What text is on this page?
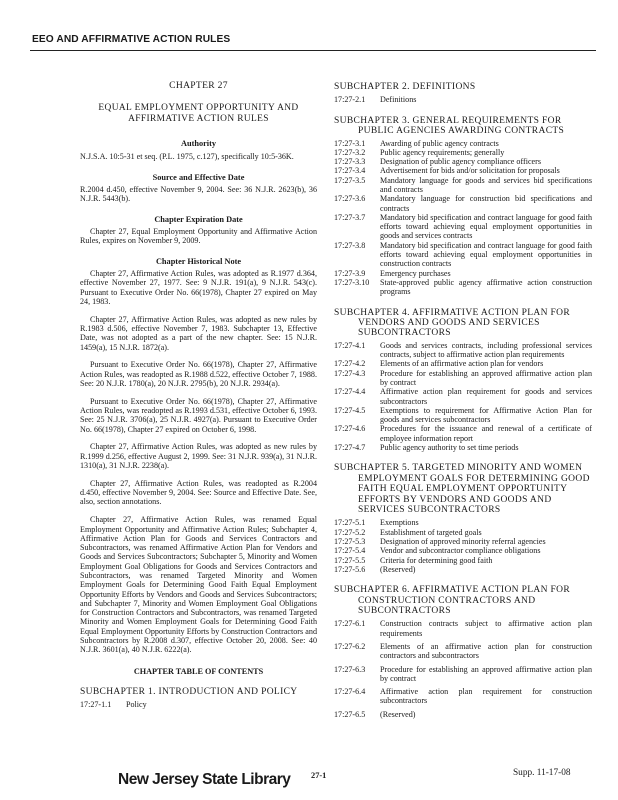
EEO AND AFFIRMATIVE ACTION RULES
CHAPTER 27
EQUAL EMPLOYMENT OPPORTUNITY AND AFFIRMATIVE ACTION RULES
Authority
N.J.S.A. 10:5-31 et seq. (P.L. 1975, c.127), specifically 10:5-36K.
Source and Effective Date
R.2004 d.450, effective November 9, 2004. See: 36 N.J.R. 2623(b), 36 N.J.R. 5443(b).
Chapter Expiration Date
Chapter 27, Equal Employment Opportunity and Affirmative Action Rules, expires on November 9, 2009.
Chapter Historical Note
Chapter 27, Affirmative Action Rules, was adopted as R.1977 d.364, effective November 27, 1977. See: 9 N.J.R. 191(a), 9 N.J.R. 543(c). Pursuant to Executive Order No. 66(1978), Chapter 27 expired on May 24, 1983.
Chapter 27, Affirmative Action Rules, was adopted as new rules by R.1983 d.506, effective November 7, 1983. Subchapter 13, Effective Date, was not adopted as a part of the new chapter. See: 15 N.J.R. 1459(a), 15 N.J.R. 1872(a).
Pursuant to Executive Order No. 66(1978), Chapter 27, Affirmative Action Rules, was readopted as R.1988 d.522, effective October 7, 1988. See: 20 N.J.R. 1780(a), 20 N.J.R. 2795(b), 20 N.J.R. 2934(a).
Pursuant to Executive Order No. 66(1978), Chapter 27, Affirmative Action Rules, was readopted as R.1993 d.531, effective October 6, 1993. See: 25 N.J.R. 3706(a), 25 N.J.R. 4927(a). Pursuant to Executive Order No. 66(1978), Chapter 27 expired on October 6, 1998.
Chapter 27, Affirmative Action Rules, was adopted as new rules by R.1999 d.256, effective August 2, 1999. See: 31 N.J.R. 939(a), 31 N.J.R. 1310(a), 31 N.J.R. 2238(a).
Chapter 27, Affirmative Action Rules, was readopted as R.2004 d.450, effective November 9, 2004. See: Source and Effective Date. See, also, section annotations.
Chapter 27, Affirmative Action Rules, was renamed Equal Employment Opportunity and Affirmative Action Rules; Subchapter 4, Affirmative Action Plan for Goods and Services Contractors and Subcontractors, was renamed Affirmative Action Plan for Vendors and Goods and Services Subcontractors; Subchapter 5, Minority and Women Employment Goal Obligations for Goods and Services Contractors and Subcontractors, was renamed Targeted Minority and Women Employment Goals for Determining Good Faith Equal Employment Opportunity Efforts by Vendors and Goods and Services Subcontractors; and Subchapter 7, Minority and Women Employment Goal Obligations for Construction Contractors and Subcontractors, was renamed Targeted Minority and Women Employment Goals for Determining Good Faith Equal Employment Opportunity Efforts by Construction Contractors and Subcontractors by R.2008 d.307, effective October 20, 2008. See: 40 N.J.R. 3601(a), 40 N.J.R. 6222(a).
CHAPTER TABLE OF CONTENTS
SUBCHAPTER 1. INTRODUCTION AND POLICY
17:27-1.1	Policy
SUBCHAPTER 2. DEFINITIONS
17:27-2.1	Definitions
SUBCHAPTER 3. GENERAL REQUIREMENTS FOR
PUBLIC AGENCIES AWARDING CONTRACTS
17:27-3.1	Awarding of public agency contracts
17:27-3.2	Public agency requirements; generally
17:27-3.3	Designation of public agency compliance officers
17:27-3.4	Advertisement for bids and/or solicitation for proposals
17:27-3.5	Mandatory language for goods and services bid specifications and contracts
17:27-3.6	Mandatory language for construction bid specifications and contracts
17:27-3.7	Mandatory bid specification and contract language for good faith efforts toward achieving equal employment opportunities in goods and services contracts
17:27-3.8	Mandatory bid specification and contract language for good faith efforts toward achieving equal employment opportunities in construction contracts
17:27-3.9	Emergency purchases
17:27-3.10	State-approved public agency affirmative action construction programs
SUBCHAPTER 4. AFFIRMATIVE ACTION PLAN FOR
VENDORS AND GOODS AND SERVICES
SUBCONTRACTORS
17:27-4.1	Goods and services contracts, including professional services contracts, subject to affirmative action plan requirements
17:27-4.2	Elements of an affirmative action plan for vendors
17:27-4.3	Procedure for establishing an approved affirmative action plan by contract
17:27-4.4	Affirmative action plan requirement for goods and services subcontractors
17:27-4.5	Exemptions to requirement for Affirmative Action Plan for goods and services subcontractors
17:27-4.6	Procedures for the issuance and renewal of a certificate of employee information report
17:27-4.7	Public agency authority to set time periods
SUBCHAPTER 5. TARGETED MINORITY AND WOMEN
EMPLOYMENT GOALS FOR DETERMINING GOOD
FAITH EQUAL EMPLOYMENT OPPORTUNITY
EFFORTS BY VENDORS AND GOODS AND
SERVICES SUBCONTRACTORS
17:27-5.1	Exemptions
17:27-5.2	Establishment of targeted goals
17:27-5.3	Designation of approved minority referral agencies
17:27-5.4	Vendor and subcontractor compliance obligations
17:27-5.5	Criteria for determining good faith
17:27-5.6	(Reserved)
SUBCHAPTER 6. AFFIRMATIVE ACTION PLAN FOR
CONSTRUCTION CONTRACTORS AND
SUBCONTRACTORS
17:27-6.1	Construction contracts subject to affirmative action plan requirements
17:27-6.2	Elements of an affirmative action plan for construction contractors and subcontractors
17:27-6.3	Procedure for establishing an approved affirmative action plan by contract
17:27-6.4	Affirmative action plan requirement for construction subcontractors
17:27-6.5	(Reserved)
New Jersey State Library 27-1	Supp. 11-17-08
